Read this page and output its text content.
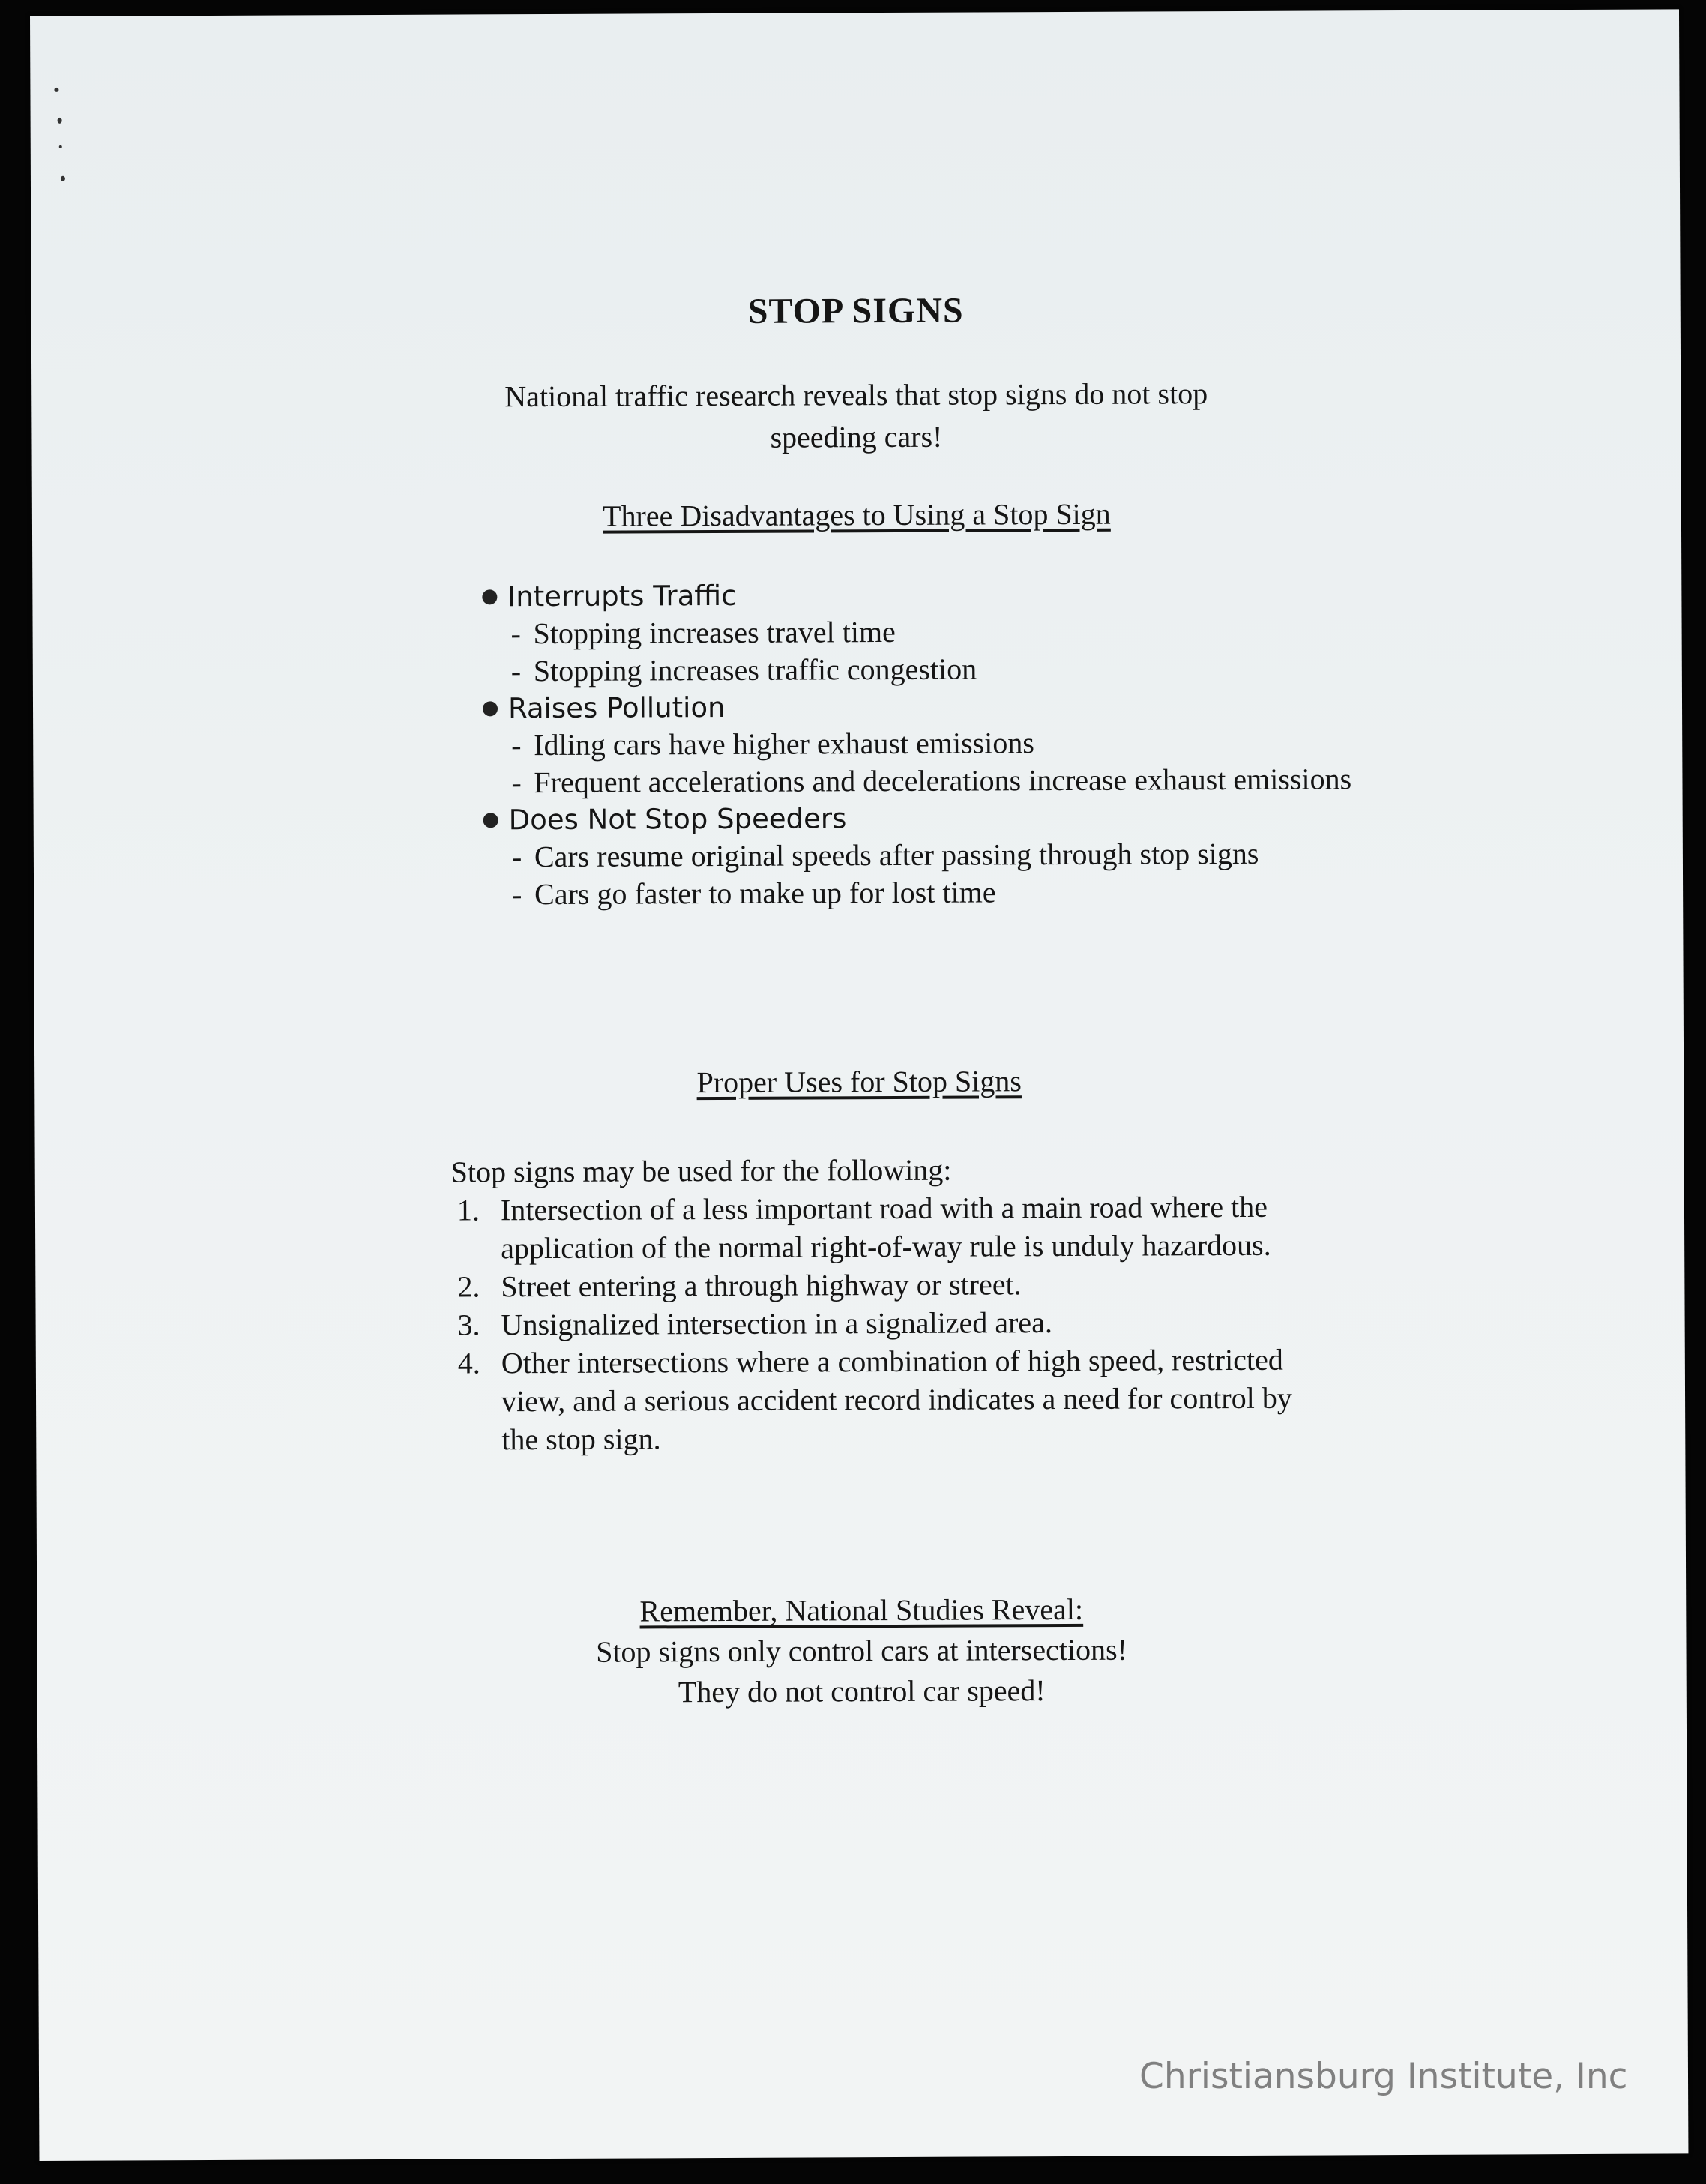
STOP SIGNS
National traffic research reveals that stop signs do not stop speeding cars!
Three Disadvantages to Using a Stop Sign
Interrupts Traffic
- Stopping increases travel time
- Stopping increases traffic congestion
Raises Pollution
- Idling cars have higher exhaust emissions
- Frequent accelerations and decelerations increase exhaust emissions
Does Not Stop Speeders
- Cars resume original speeds after passing through stop signs
- Cars go faster to make up for lost time
Proper Uses for Stop Signs
Stop signs may be used for the following:
1. Intersection of a less important road with a main road where the application of the normal right-of-way rule is unduly hazardous.
2. Street entering a through highway or street.
3. Unsignalized intersection in a signalized area.
4. Other intersections where a combination of high speed, restricted view, and a serious accident record indicates a need for control by the stop sign.
Remember, National Studies Reveal:
Stop signs only control cars at intersections!
They do not control car speed!
Christiansburg Institute, Inc
